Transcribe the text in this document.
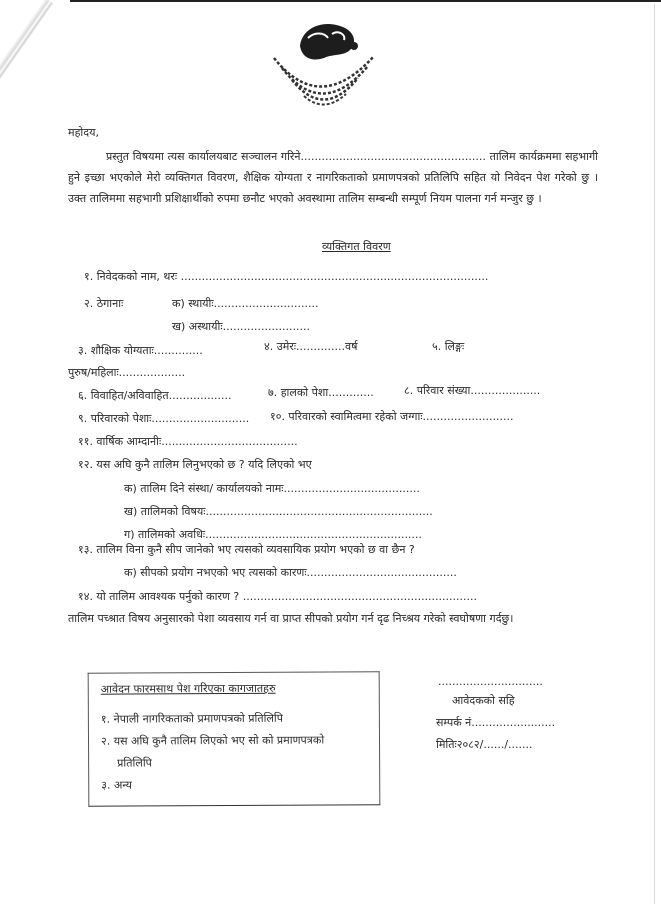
महोदय,
प्रस्तुत विषयमा त्यस कार्यालयबाट सञ्चालन गरिने..................................................... तालिम कार्यक्रममा सहभागी हुने इच्छा भएकोले मेरो व्यक्तिगत विवरण, शैक्षिक योग्यता र नागरिकताको प्रमाणपत्रको प्रतिलिपि सहित यो निवेदन पेश गरेको छु । उक्त तालिममा सहभागी प्रशिक्षार्थीको रुपमा छनौट भएको अवस्थामा तालिम सम्बन्धी सम्पूर्ण नियम पालना गर्न मन्जुर छु ।
व्यक्तिगत विवरण
१. निवेदकको नाम, थरः ........................................................................................
२. ठेगानाः	क) स्थायीः..............................
ख) अस्थायीः.........................
३. शौक्षिक योग्यताः..............	४. उमेरः..............वर्ष	५. लिङ्गः
पुरुष/महिलाः...................
६. विवाहित/अविवाहित..................	७. हालको पेशा.............	८. परिवार संख्या....................
९. परिवारको पेशाः............................ १०. परिवारको स्वामित्वमा रहेको जग्गाः..........................
११. वार्षिक आम्दानीः.......................................
१२. यस अघि कुनै तालिम लिनुभएको छ ? यदि लिएको भए
क) तालिम दिने संस्था/ कार्यालयको नामः.......................................
ख) तालिमको विषयः.................................................................
ग) तालिमको अवधिः..............................................................
१३. तालिम विना कुनै सीप जानेको भए त्यसको व्यवसायिक प्रयोग भएको छ वा छैन ?
क) सीपको प्रयोग नभएको भए त्यसको कारणः...........................................
१४. यो तालिम आवश्यक पर्नुको कारण ? ...................................................................
तालिम पच्श्रात विषय अनुसारको पेशा व्यवसाय गर्न वा प्राप्त सीपको प्रयोग गर्न दृढ निच्श्रय गरेको स्वघोषणा गर्दछु।
आवेदन फारमसाथ पेश गरिएका कागजातहरु
१. नेपाली नागरिकताको प्रमाणपत्रको प्रतिलिपि
२. यस अघि कुनै तालिम लिएको भए सो को प्रमाणपत्रको
प्रतिलिपि
३. अन्य
..............................
आवेदकको सहि
सम्पर्क नं........................
मितिः२०८२/....../.......
